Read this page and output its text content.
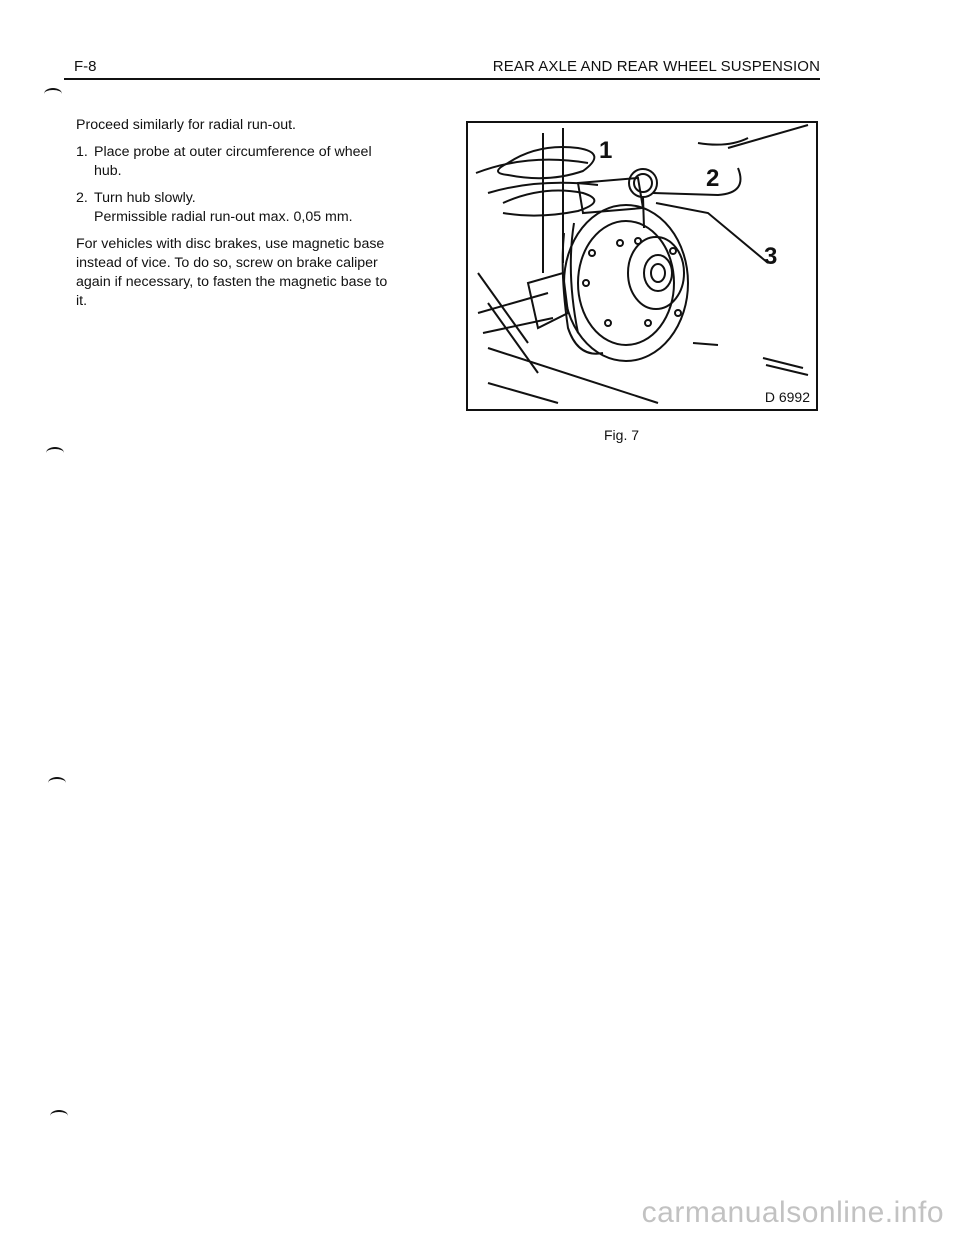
F-8	REAR AXLE AND REAR WHEEL SUSPENSION

Proceed similarly for radial run-out.

1. Place probe at outer circumference of wheel hub.
2. Turn hub slowly.
Permissible radial run-out max. 0,05 mm.

For vehicles with disc brakes, use magnetic base instead of vice. To do so, screw on brake caliper again if necessary, to fasten the magnetic base to it.

1
2
3
D 6992
Fig. 7
carmanualsonline.info
